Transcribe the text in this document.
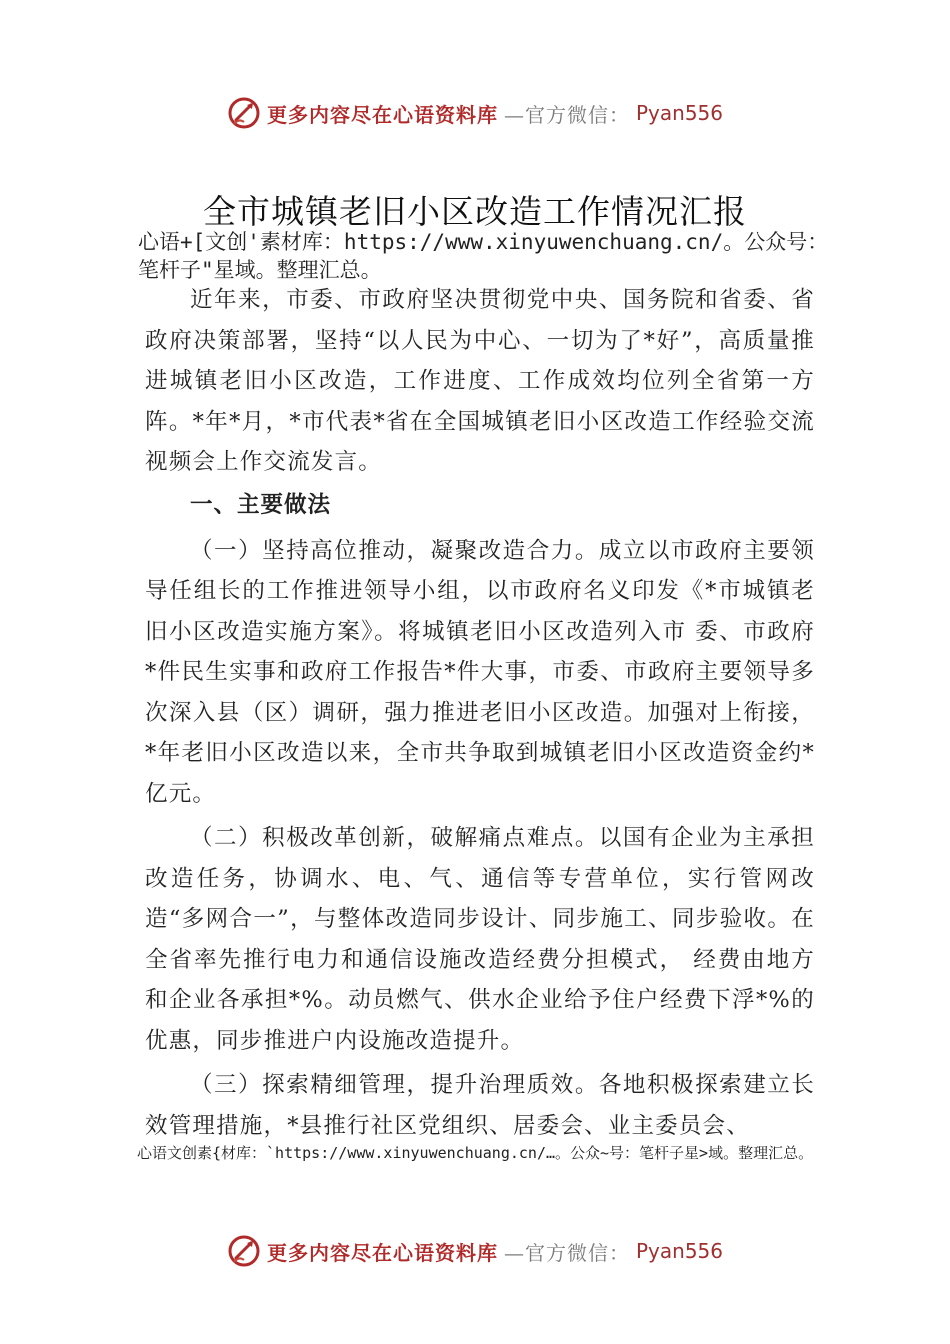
更多内容尽在心语资料库 —官方微信： Pyan556
全市城镇老旧小区改造工作情况汇报
心语+[文创'素材库：https://www.xinyuwenchuang.cn/。公众号：笔杆子"星域。整理汇总。

近年来，市委、市政府坚决贯彻党中央、国务院和省委、省政府决策部署，坚持“以人民为中心、一切为了*好”，高质量推进城镇老旧小区改造，工作进度、工作成效均位列全省第一方阵。*年*月，*市代表*省在全国城镇老旧小区改造工作经验交流视频会上作交流发言。

一、主要做法

（一）坚持高位推动，凝聚改造合力。成立以市政府主要领导任组长的工作推进领导小组，以市政府名义印发《*市城镇老旧小区改造实施方案》。将城镇老旧小区改造列入市 委、市政府*件民生实事和政府工作报告*件大事，市委、市政府主要领导多次深入县（区）调研，强力推进老旧小区改造。加强对上衔接，*年老旧小区改造以来，全市共争取到城镇老旧小区改造资金约*亿元。

（二）积极改革创新，破解痛点难点。以国有企业为主承担改造任务，协调水、电、气、通信等专营单位，实行管网改造“多网合一”，与整体改造同步设计、同步施工、同步验收。在全省率先推行电力和通信设施改造经费分担模式， 经费由地方和企业各承担*%。动员燃气、供水企业给予住户经费下浮*%的优惠，同步推进户内设施改造提升。

（三）探索精细管理，提升治理质效。各地积极探索建立长效管理措施，*县推行社区党组织、居委会、业主委员会、

心语文创素{材库：`https://www.xinyuwenchuang.cn/…。公众~号：笔杆子星>域。整理汇总。
更多内容尽在心语资料库 —官方微信： Pyan556
